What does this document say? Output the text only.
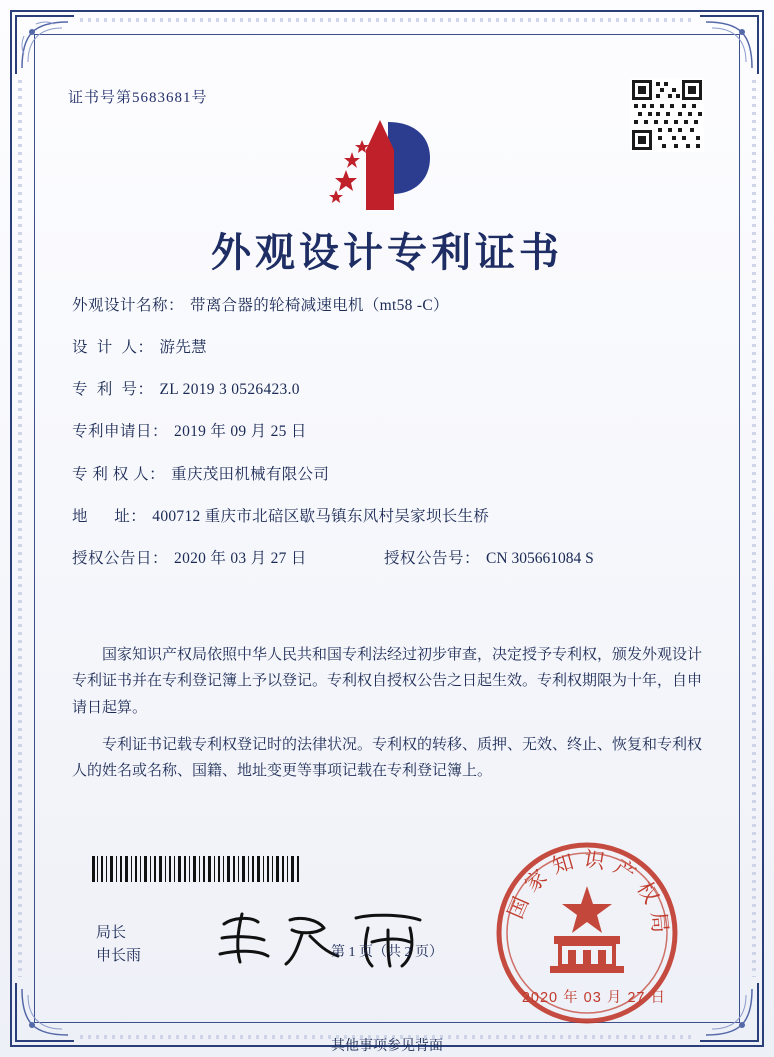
证书号第5683681号
外观设计专利证书
外观设计名称： 带离合器的轮椅减速电机（mt58 -C）
设  计  人： 游先慧
专  利  号： ZL 2019 3 0526423.0
专利申请日： 2019 年 09 月 25 日
专 利 权 人： 重庆茂田机械有限公司
地      址： 400712 重庆市北碚区歇马镇东风村吴家坝长生桥
授权公告日： 2020 年 03 月 27 日	授权公告号： CN 305661084 S
国家知识产权局依照中华人民共和国专利法经过初步审查，决定授予专利权，颁发外观设计专利证书并在专利登记簿上予以登记。专利权自授权公告之日起生效。专利权期限为十年，自申请日起算。
专利证书记载专利权登记时的法律状况。专利权的转移、质押、无效、终止、恢复和专利权人的姓名或名称、国籍、地址变更等事项记载在专利登记簿上。
局长
申长雨
国家知识产权局
2020 年 03 月 27 日
第 1 页（共 2 页）
其他事项参见背面
